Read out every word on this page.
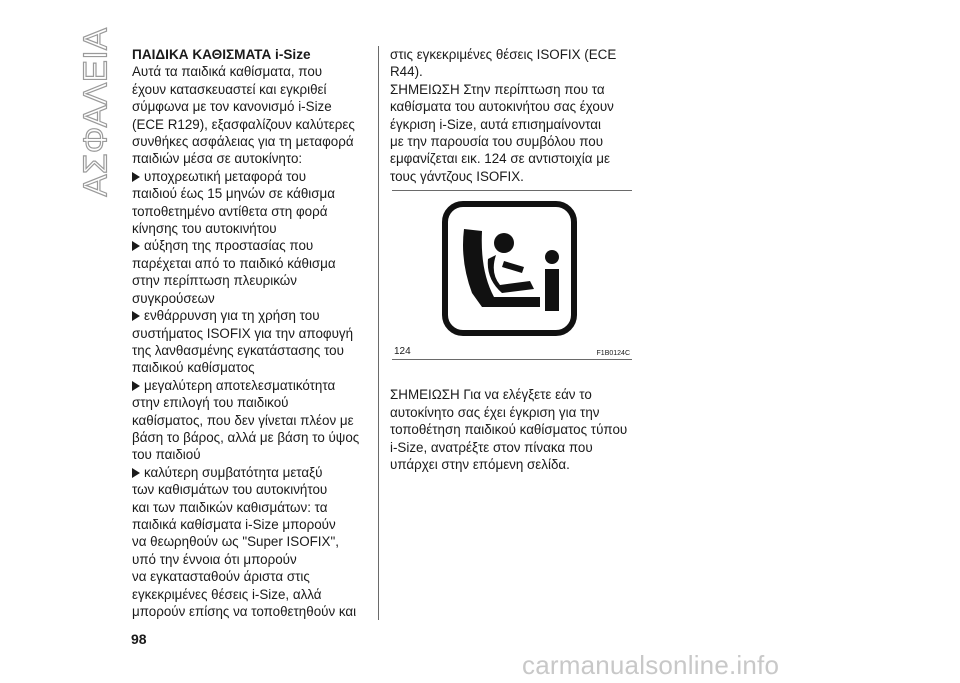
ΑΣΦΑΛΕΙΑ ΠΑΙΔΙΚΑ ΚΑΘΙΣΜΑΤΑ i-Size

Αυτά τα παιδικά καθίσματα, που
έχουν κατασκευαστεί και εγκριθεί
σύμφωνα με τον κανονισμό i-Size
(ECE R129), εξασφαλίζουν καλύτερες
συνθήκες ασφάλειας για τη μεταφορά
παιδιών μέσα σε αυτοκίνητο:

υποχρεωτική μεταφορά του
παιδιού έως 15 μηνών σε κάθισμα
τοποθετημένο αντίθετα στη φορά
κίνησης του αυτοκινήτου
αύξηση της προστασίας που
παρέχεται από το παιδικό κάθισμα
στην περίπτωση πλευρικών
συγκρούσεων
ενθάρρυνση για τη χρήση του
συστήματος ISOFIX για την αποφυγή
της λανθασμένης εγκατάστασης του
παιδικού καθίσματος
μεγαλύτερη αποτελεσματικότητα
στην επιλογή του παιδικού
καθίσματος, που δεν γίνεται πλέον με
βάση το βάρος, αλλά με βάση το ύψος
του παιδιού
καλύτερη συμβατότητα μεταξύ
των καθισμάτων του αυτοκινήτου
και των παιδικών καθισμάτων: τα
παιδικά καθίσματα i-Size μπορούν
να θεωρηθούν ως "Super ISOFIX",
υπό την έννοια ότι μπορούν
να εγκατασταθούν άριστα στις
εγκεκριμένες θέσεις i-Size, αλλά
μπορούν επίσης να τοποθετηθούν και

στις εγκεκριμένες θέσεις ISOFIX (ECE
R44).
ΣΗΜΕΙΩΣΗ Στην περίπτωση που τα
καθίσματα του αυτοκινήτου σας έχουν
έγκριση i-Size, αυτά επισημαίνονται
με την παρουσία του συμβόλου που
εμφανίζεται εικ. 124 σε αντιστοιχία με
τους γάντζους ISOFIX.

124	F1B0124C

ΣΗΜΕΙΩΣΗ Για να ελέγξετε εάν το αυτοκίνητο σας έχει έγκριση για την τοποθέτηση παιδικού καθίσματος τύπου i-Size, ανατρέξτε στον πίνακα που υπάρχει στην επόμενη σελίδα.

98
carmanualsonline.info
